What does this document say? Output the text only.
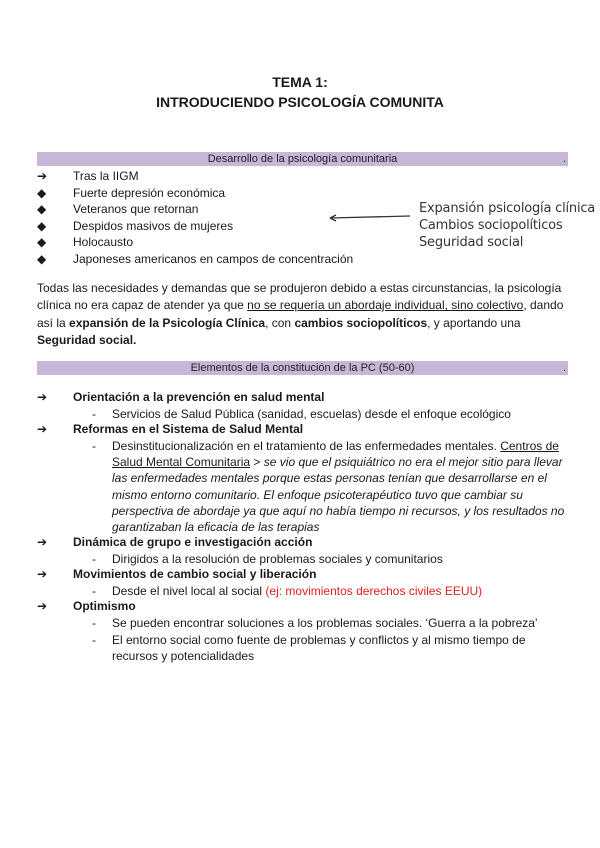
TEMA 1:
INTRODUCIENDO PSICOLOGÍA COMUNITA
Desarrollo de la psicología comunitaria	.
➔	Tras la IIGM
◆	Fuerte depresión económica
◆	Veteranos que retornan
◆	Despidos masivos de mujeres
◆	Holocausto
◆	Japoneses americanos en campos de concentración
Expansión psicología clínica
Cambios sociopolíticos
Seguridad social
Todas las necesidades y demandas que se produjeron debido a estas circunstancias, la psicología clínica no era capaz de atender ya que no se requería un abordaje individual, sino colectivo, dando así la expansión de la Psicología Clínica, con cambios sociopolíticos, y aportando una Seguridad social.
Elementos de la constitución de la PC (50-60)	.
➔ Orientación a la prevención en salud mental
- Servicios de Salud Pública (sanidad, escuelas) desde el enfoque ecológico
➔ Reformas en el Sistema de Salud Mental
- Desinstitucionalización en el tratamiento de las enfermedades mentales. Centros de Salud Mental Comunitaria > se vio que el psiquiátrico no era el mejor sitio para llevar las enfermedades mentales porque estas personas tenían que desarrollarse en el mismo entorno comunitario. El enfoque psicoterapéutico tuvo que cambiar su perspectiva de abordaje ya que aquí no había tiempo ni recursos, y los resultados no garantizaban la eficacia de las terapias
➔ Dinámica de grupo e investigación acción
- Dirigidos a la resolución de problemas sociales y comunitarios
➔ Movimientos de cambio social y liberación
- Desde el nivel local al social (ej: movimientos derechos civiles EEUU)
➔ Optimismo
- Se pueden encontrar soluciones a los problemas sociales. ‘Guerra a la pobreza’
- El entorno social como fuente de problemas y conflictos y al mismo tiempo de recursos y potencialidades
